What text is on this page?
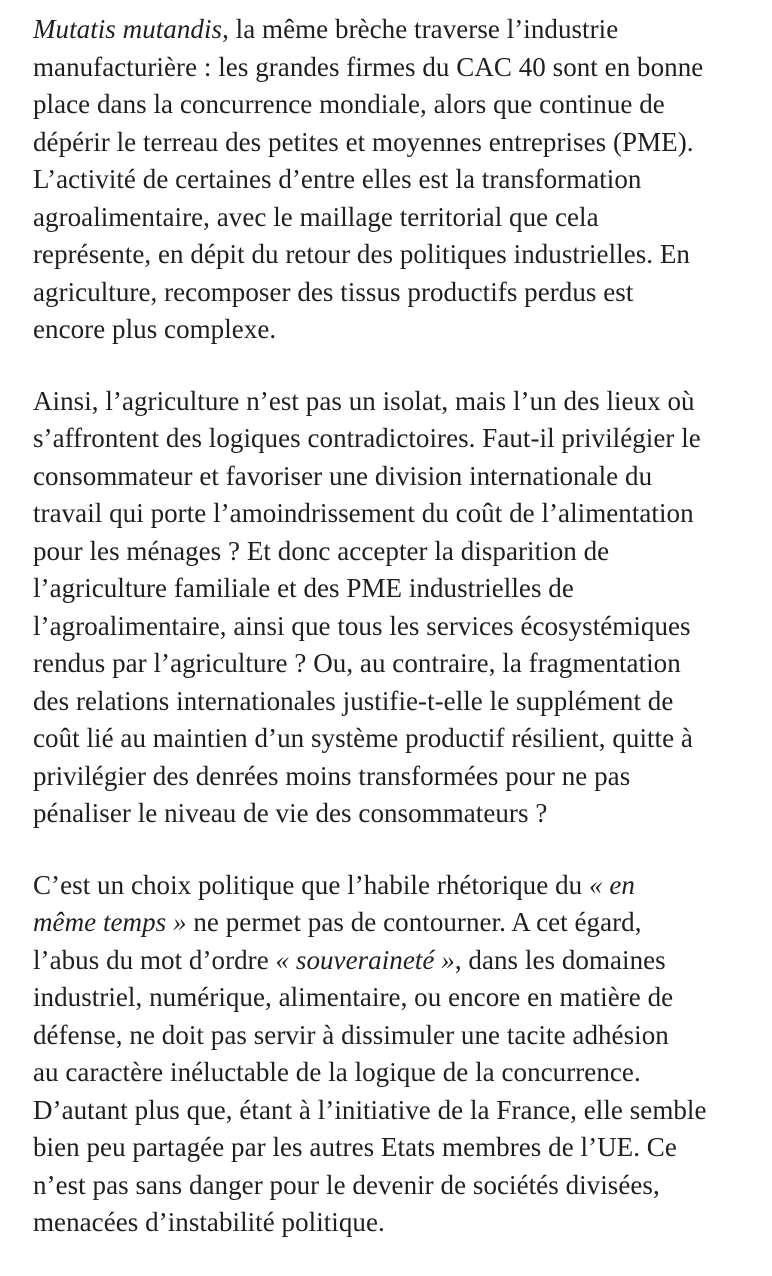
Mutatis mutandis, la même brèche traverse l’industrie
manufacturière : les grandes firmes du CAC 40 sont en bonne
place dans la concurrence mondiale, alors que continue de
dépérir le terreau des petites et moyennes entreprises (PME).
L’activité de certaines d’entre elles est la transformation
agroalimentaire, avec le maillage territorial que cela
représente, en dépit du retour des politiques industrielles. En
agriculture, recomposer des tissus productifs perdus est
encore plus complexe.

Ainsi, l’agriculture n’est pas un isolat, mais l’un des lieux où
s’affrontent des logiques contradictoires. Faut-il privilégier le
consommateur et favoriser une division internationale du
travail qui porte l’amoindrissement du coût de l’alimentation
pour les ménages ? Et donc accepter la disparition de
l’agriculture familiale et des PME industrielles de
l’agroalimentaire, ainsi que tous les services écosystémiques
rendus par l’agriculture ? Ou, au contraire, la fragmentation
des relations internationales justifie-t-elle le supplément de
coût lié au maintien d’un système productif résilient, quitte à
privilégier des denrées moins transformées pour ne pas
pénaliser le niveau de vie des consommateurs ?

C’est un choix politique que l’habile rhétorique du « en
même temps » ne permet pas de contourner. A cet égard,
l’abus du mot d’ordre « souveraineté », dans les domaines
industriel, numérique, alimentaire, ou encore en matière de
défense, ne doit pas servir à dissimuler une tacite adhésion
au caractère inéluctable de la logique de la concurrence.
D’autant plus que, étant à l’initiative de la France, elle semble
bien peu partagée par les autres Etats membres de l’UE. Ce
n’est pas sans danger pour le devenir de sociétés divisées,
menacées d’instabilité politique.
